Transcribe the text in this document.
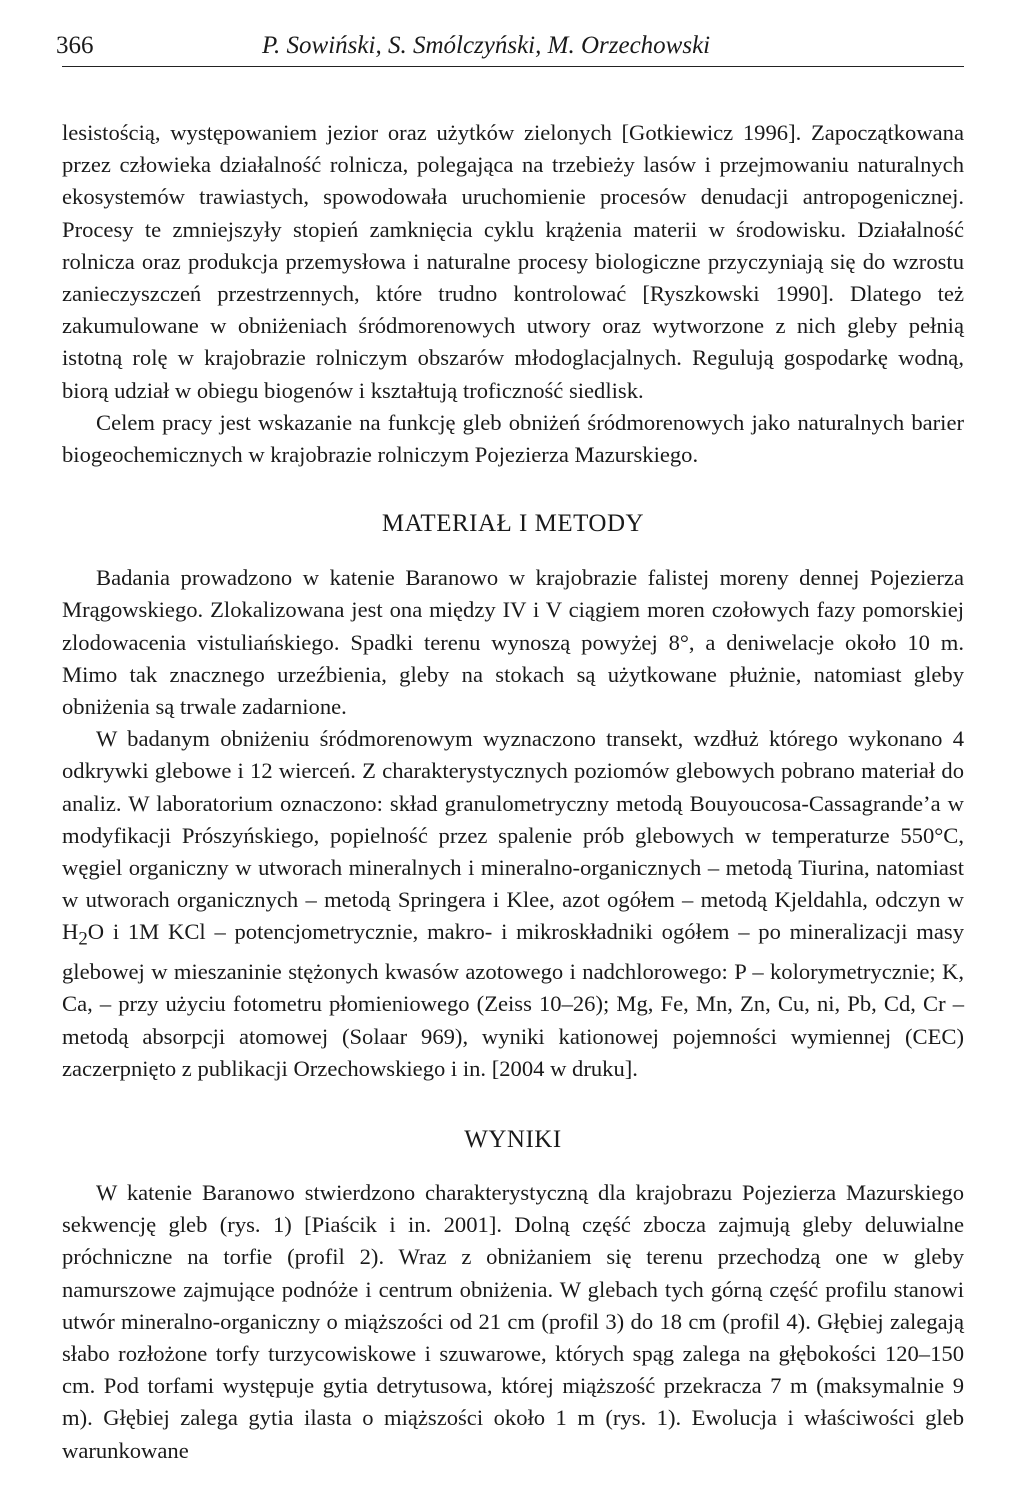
366	P. Sowiński, S. Smólczyński, M. Orzechowski

lesistością, występowaniem jezior oraz użytków zielonych [Gotkiewicz 1996]. Zapoczątkowana przez człowieka działalność rolnicza, polegająca na trzebieży lasów i przejmowaniu naturalnych ekosystemów trawiastych, spowodowała uruchomienie procesów denudacji antropogenicznej. Procesy te zmniejszyły stopień zamknięcia cyklu krążenia materii w środowisku. Działalność rolnicza oraz produkcja przemysłowa i naturalne procesy biologiczne przyczyniają się do wzrostu zanieczyszczeń przestrzennych, które trudno kontrolować [Ryszkowski 1990]. Dlatego też zakumulowane w obniżeniach śródmorenowych utwory oraz wytworzone z nich gleby pełnią istotną rolę w krajobrazie rolniczym obszarów młodoglacjalnych. Regulują gospodarkę wodną, biorą udział w obiegu biogenów i kształtują troficzność siedlisk.

Celem pracy jest wskazanie na funkcję gleb obniżeń śródmorenowych jako naturalnych barier biogeochemicznych w krajobrazie rolniczym Pojezierza Mazurskiego.

MATERIAŁ I METODY

Badania prowadzono w katenie Baranowo w krajobrazie falistej moreny dennej Pojezierza Mrągowskiego. Zlokalizowana jest ona między IV i V ciągiem moren czołowych fazy pomorskiej zlodowacenia vistuliańskiego. Spadki terenu wynoszą powyżej 8°, a deniwelacje około 10 m. Mimo tak znacznego urzeźbienia, gleby na stokach są użytkowane płużnie, natomiast gleby obniżenia są trwale zadarnione.

W badanym obniżeniu śródmorenowym wyznaczono transekt, wzdłuż którego wykonano 4 odkrywki glebowe i 12 wierceń. Z charakterystycznych poziomów glebowych pobrano materiał do analiz. W laboratorium oznaczono: skład granulometryczny metodą Bouyoucosa-Cassagrande’a w modyfikacji Prószyńskiego, popielność przez spalenie prób glebowych w temperaturze 550°C, węgiel organiczny w utworach mineralnych i mineralno-organicznych – metodą Tiurina, natomiast w utworach organicznych – metodą Springera i Klee, azot ogółem – metodą Kjeldahla, odczyn w $H_2O$ i 1M KCl – potencjometrycznie, makro- i mikroskładniki ogółem – po mineralizacji masy glebowej w mieszaninie stężonych kwasów azotowego i nadchlorowego: P – kolorymetrycznie; K, Ca, – przy użyciu fotometru płomieniowego (Zeiss 10–26); Mg, Fe, Mn, Zn, Cu, ni, Pb, Cd, Cr – metodą absorpcji atomowej (Solaar 969), wyniki kationowej pojemności wymiennej (CEC) zaczerpnięto z publikacji Orzechowskiego i in. [2004 w druku].

WYNIKI

W katenie Baranowo stwierdzono charakterystyczną dla krajobrazu Pojezierza Mazurskiego sekwencję gleb (rys. 1) [Piaścik i in. 2001]. Dolną część zbocza zajmują gleby deluwialne próchniczne na torfie (profil 2). Wraz z obniżaniem się terenu przechodzą one w gleby namurszowe zajmujące podnóże i centrum obniżenia. W glebach tych górną część profilu stanowi utwór mineralno-organiczny o miąższości od 21 cm (profil 3) do 18 cm (profil 4). Głębiej zalegają słabo rozłożone torfy turzycowiskowe i szuwarowe, których spąg zalega na głębokości 120–150 cm. Pod torfami występuje gytia detrytusowa, której miąższość przekracza 7 m (maksymalnie 9 m). Głębiej zalega gytia ilasta o miąższości około 1 m (rys. 1). Ewolucja i właściwości gleb warunkowane
